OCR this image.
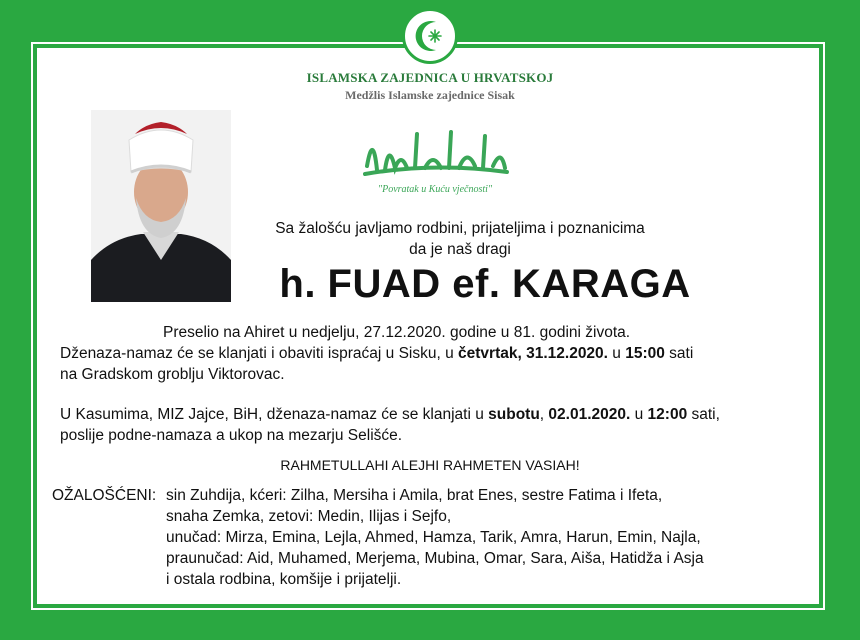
ISLAMSKA ZAJEDNICA U HRVATSKOJ
Medžlis Islamske zajednice Sisak
"Povratak u Kuću vječnosti"
Sa žalošću javljamo rodbini, prijateljima i poznanicima
da je naš dragi
h. FUAD ef. KARAGA
Preselio na Ahiret u nedjelju, 27.12.2020. godine u 81. godini života.
Dženaza-namaz će se klanjati i obaviti ispraćaj u Sisku, u četvrtak, 31.12.2020. u 15:00 sati
na Gradskom groblju Viktorovac.
U Kasumima, MIZ Jajce, BiH, dženaza-namaz će se klanjati u subotu, 02.01.2020. u 12:00 sati,
poslije podne-namaza a ukop na mezarju Selišće.
RAHMETULLAHI ALEJHI RAHMETEN VASIAH!
OŽALOŠĆENI: sin Zuhdija, kćeri: Zilha, Mersiha i Amila, brat Enes, sestre Fatima i Ifeta,
snaha Zemka, zetovi: Medin, Ilijas i Sejfo,
unučad: Mirza, Emina, Lejla, Ahmed, Hamza, Tarik, Amra, Harun, Emin, Najla,
praunučad: Aid, Muhamed, Merjema, Mubina, Omar, Sara, Aiša, Hatidža i Asja
i ostala rodbina, komšije i prijatelji.
